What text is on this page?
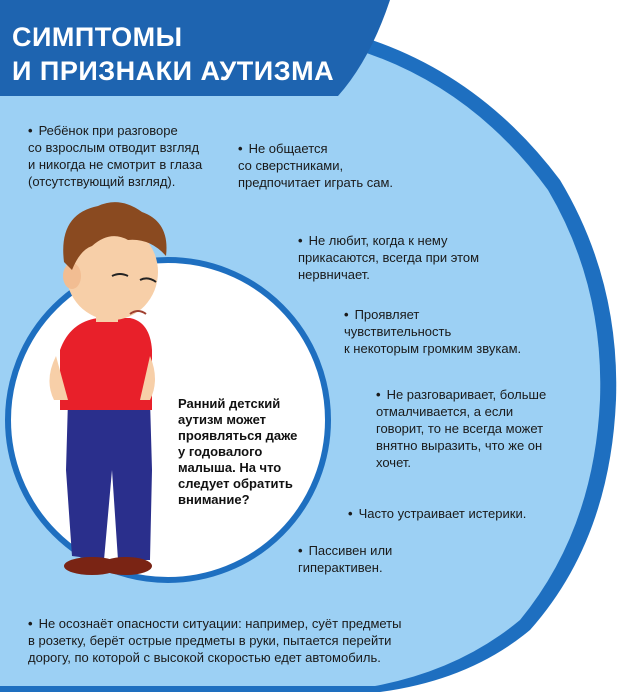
СИМПТОМЫ
И ПРИЗНАКИ АУТИЗМА
• Ребёнок при разговоре
со взрослым отводит взгляд
и никогда не смотрит в глаза
(отсутствующий взгляд).
• Не общается
со сверстниками,
предпочитает играть сам.
• Не любит, когда к нему
прикасаются, всегда при этом
нервничает.
• Проявляет
чувствительность
к некоторым громким звукам.
• Не разговаривает, больше
отмалчивается, а если
говорит, то не всегда может
внятно выразить, что же он
хочет.
• Часто устраивает истерики.
• Пассивен или
гиперактивен.
• Не осознаёт опасности ситуации: например, суёт предметы
в розетку, берёт острые предметы в руки, пытается перейти
дорогу, по которой с высокой скоростью едет автомобиль.
Ранний детский аутизм может проявляться даже у годовалого малыша. На что следует обратить внимание?
